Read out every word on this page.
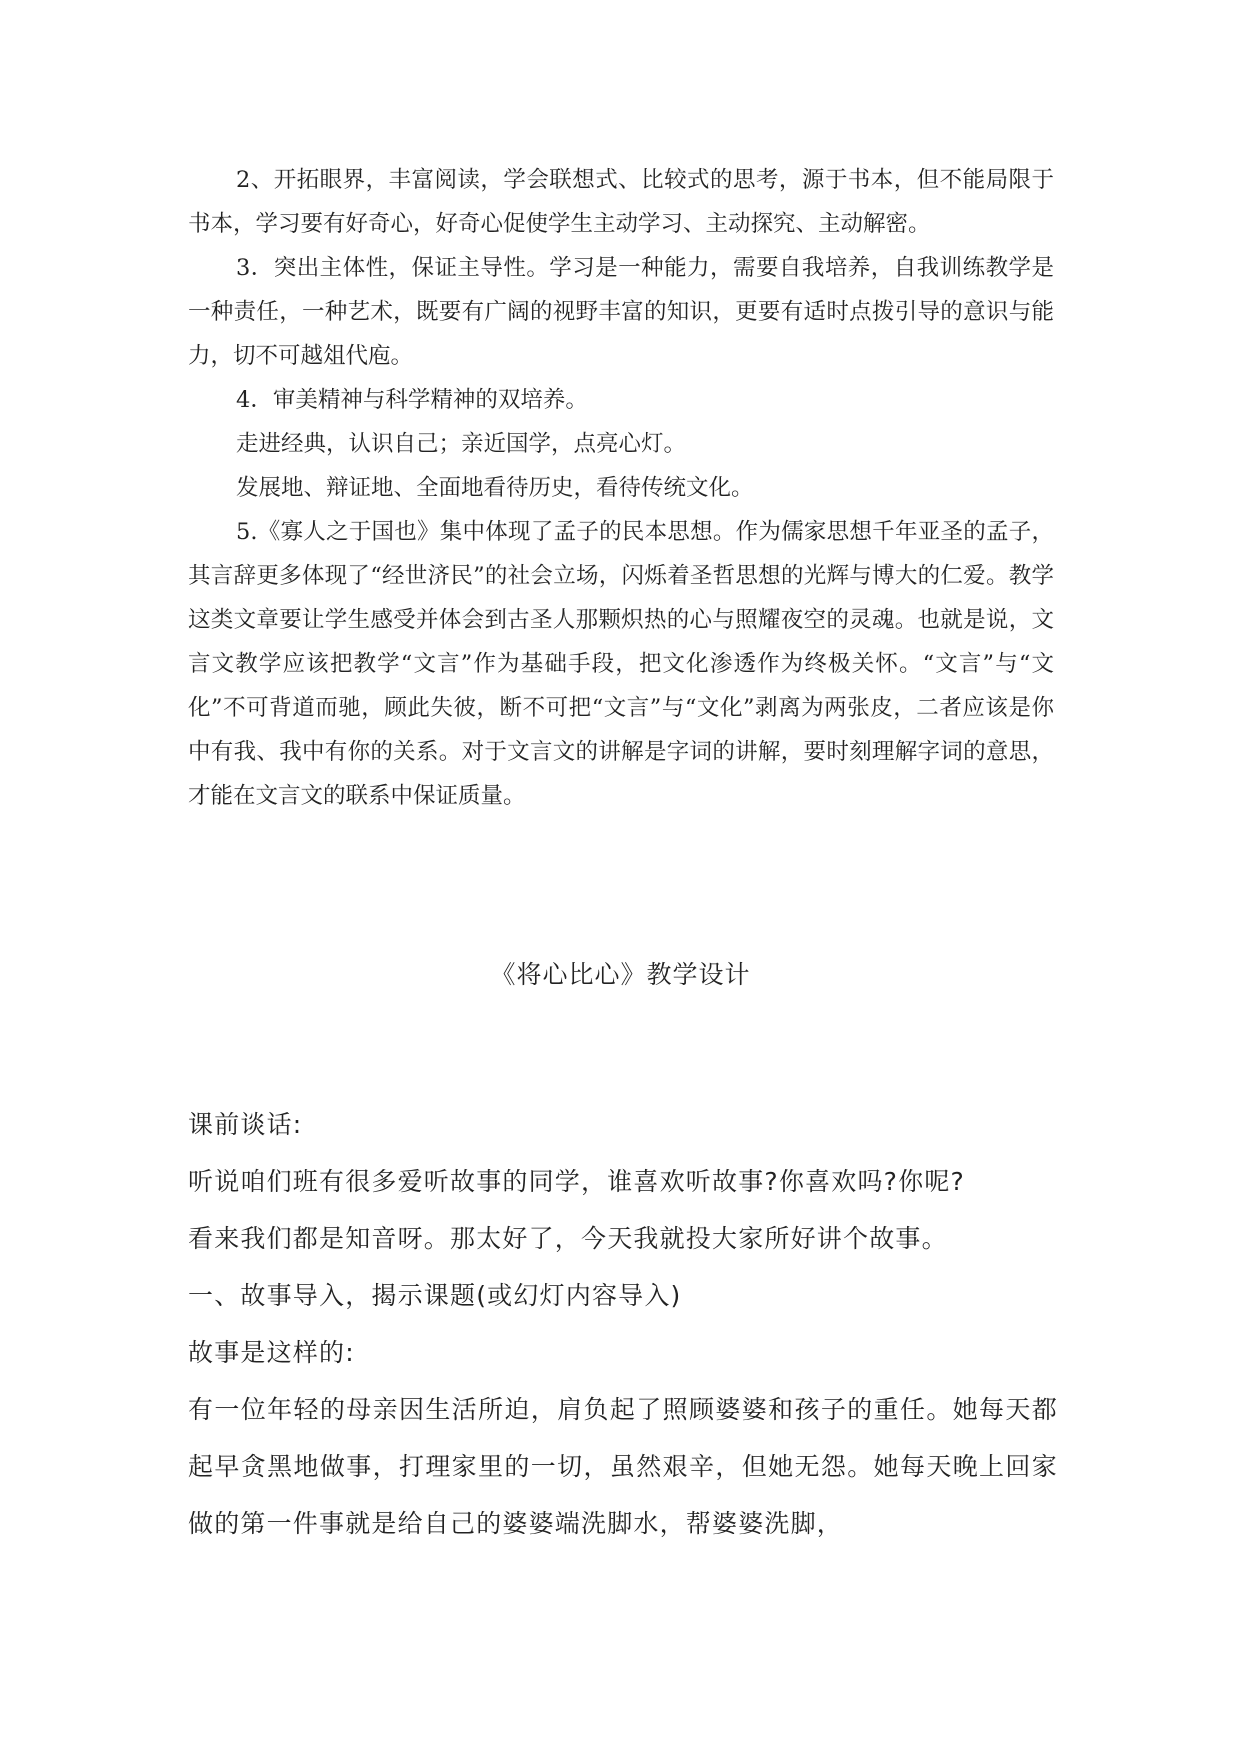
2、开拓眼界，丰富阅读，学会联想式、比较式的思考，源于书本，但不能局限于书本，学习要有好奇心，好奇心促使学生主动学习、主动探究、主动解密。

3．突出主体性，保证主导性。学习是一种能力，需要自我培养，自我训练教学是一种责任，一种艺术，既要有广阔的视野丰富的知识，更要有适时点拨引导的意识与能力，切不可越俎代庖。

4．审美精神与科学精神的双培养。

走进经典，认识自己；亲近国学，点亮心灯。

发展地、辩证地、全面地看待历史，看待传统文化。

5.《寡人之于国也》集中体现了孟子的民本思想。作为儒家思想千年亚圣的孟子，其言辞更多体现了“经世济民”的社会立场，闪烁着圣哲思想的光辉与博大的仁爱。教学这类文章要让学生感受并体会到古圣人那颗炽热的心与照耀夜空的灵魂。也就是说，文言文教学应该把教学“文言”作为基础手段，把文化渗透作为终极关怀。“文言”与“文化”不可背道而驰，顾此失彼，断不可把“文言”与“文化”剥离为两张皮，二者应该是你中有我、我中有你的关系。对于文言文的讲解是字词的讲解，要时刻理解字词的意思，才能在文言文的联系中保证质量。

《将心比心》教学设计

课前谈话:

听说咱们班有很多爱听故事的同学，谁喜欢听故事?你喜欢吗?你呢?

看来我们都是知音呀。那太好了，今天我就投大家所好讲个故事。

一、故事导入，揭示课题(或幻灯内容导入)

故事是这样的:

有一位年轻的母亲因生活所迫，肩负起了照顾婆婆和孩子的重任。她每天都起早贪黑地做事，打理家里的一切，虽然艰辛，但她无怨。她每天晚上回家做的第一件事就是给自己的婆婆端洗脚水，帮婆婆洗脚，
